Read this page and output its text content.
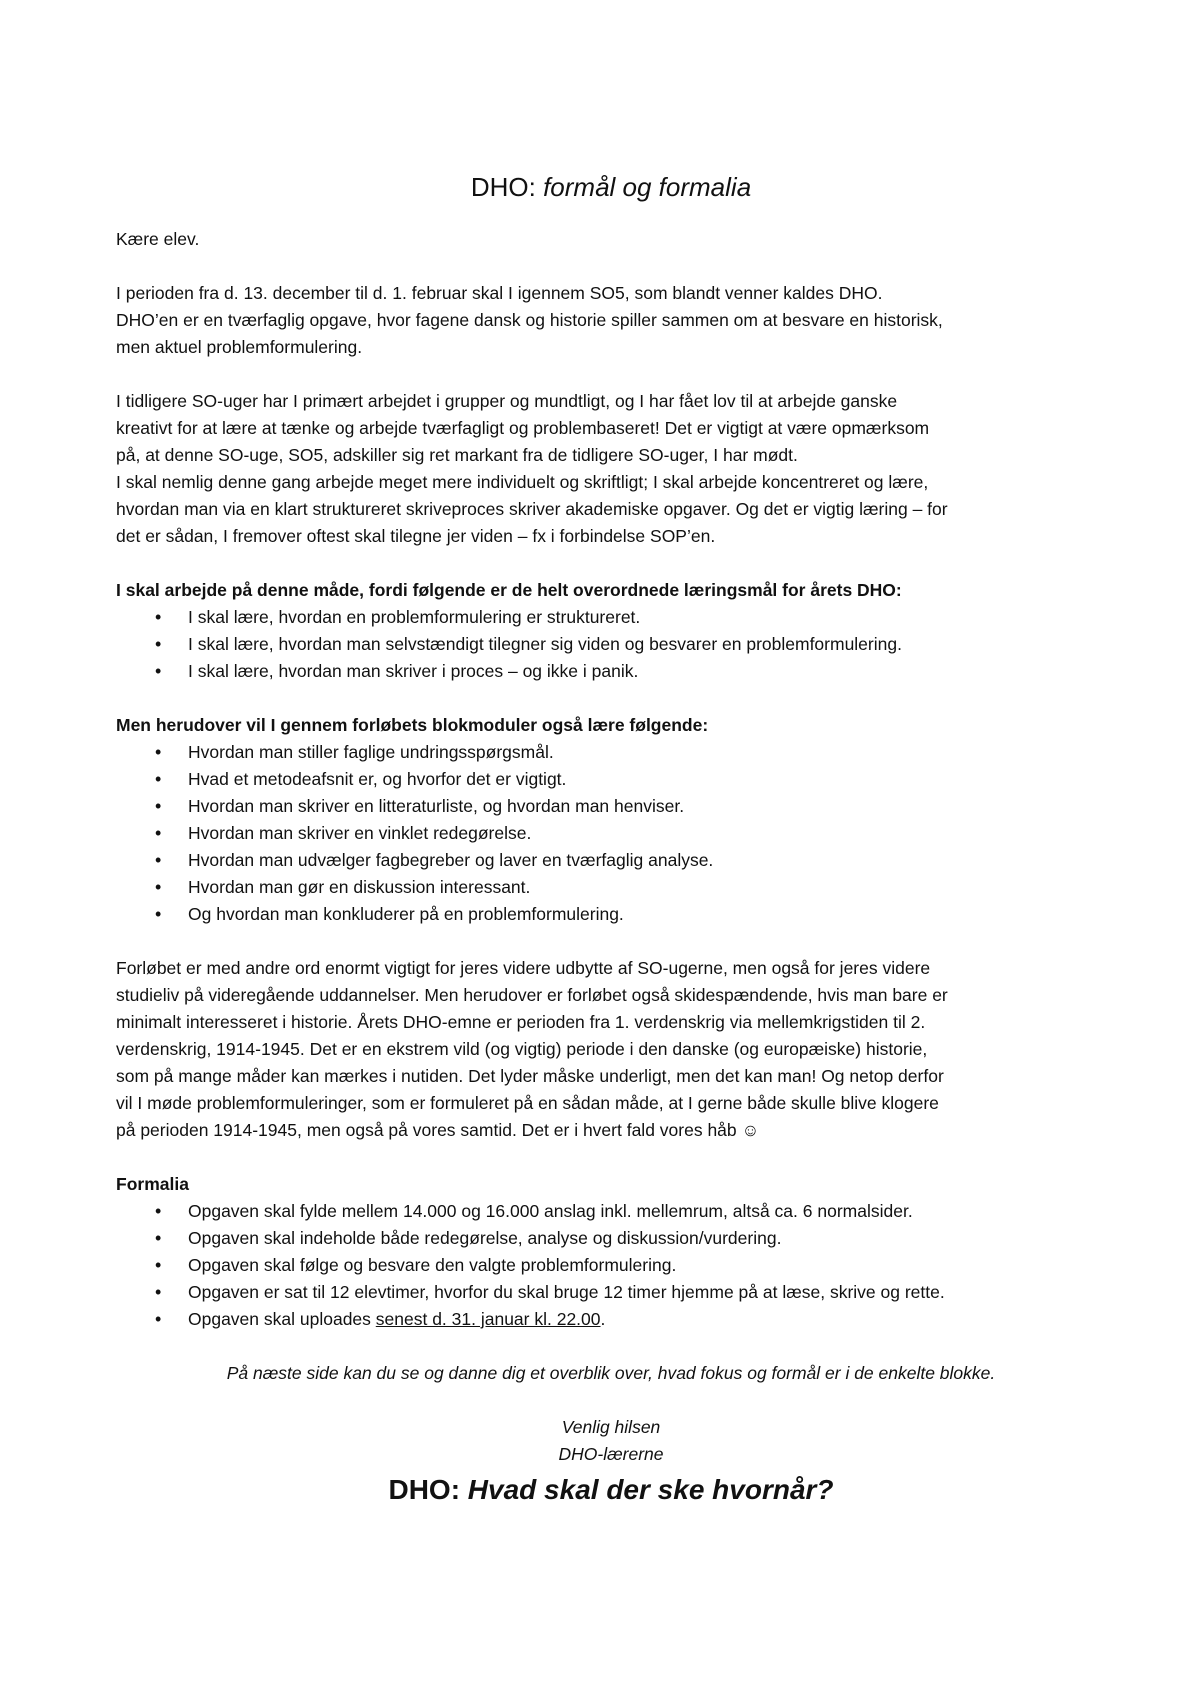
DHO: formål og formalia

Kære elev.

I perioden fra d. 13. december til d. 1. februar skal I igennem SO5, som blandt venner kaldes DHO.

DHO’en er en tværfaglig opgave, hvor fagene dansk og historie spiller sammen om at besvare en historisk,

men aktuel problemformulering.

I tidligere SO-uger har I primært arbejdet i grupper og mundtligt, og I har fået lov til at arbejde ganske

kreativt for at lære at tænke og arbejde tværfagligt og problembaseret! Det er vigtigt at være opmærksom

på, at denne SO-uge, SO5, adskiller sig ret markant fra de tidligere SO-uger, I har mødt.

I skal nemlig denne gang arbejde meget mere individuelt og skriftligt; I skal arbejde koncentreret og lære,

hvordan man via en klart struktureret skriveproces skriver akademiske opgaver. Og det er vigtig læring – for

det er sådan, I fremover oftest skal tilegne jer viden – fx i forbindelse SOP’en.

I skal arbejde på denne måde, fordi følgende er de helt overordnede læringsmål for årets DHO:

• I skal lære, hvordan en problemformulering er struktureret.
• I skal lære, hvordan man selvstændigt tilegner sig viden og besvarer en problemformulering.
• I skal lære, hvordan man skriver i proces – og ikke i panik.

Men herudover vil I gennem forløbets blokmoduler også lære følgende:

• Hvordan man stiller faglige undringsspørgsmål.
• Hvad et metodeafsnit er, og hvorfor det er vigtigt.
• Hvordan man skriver en litteraturliste, og hvordan man henviser.
• Hvordan man skriver en vinklet redegørelse.
• Hvordan man udvælger fagbegreber og laver en tværfaglig analyse.
• Hvordan man gør en diskussion interessant.
• Og hvordan man konkluderer på en problemformulering.

Forløbet er med andre ord enormt vigtigt for jeres videre udbytte af SO-ugerne, men også for jeres videre

studieliv på videregående uddannelser. Men herudover er forløbet også skidespændende, hvis man bare er

minimalt interesseret i historie. Årets DHO-emne er perioden fra 1. verdenskrig via mellemkrigstiden til 2.

verdenskrig, 1914-1945. Det er en ekstrem vild (og vigtig) periode i den danske (og europæiske) historie,

som på mange måder kan mærkes i nutiden. Det lyder måske underligt, men det kan man! Og netop derfor

vil I møde problemformuleringer, som er formuleret på en sådan måde, at I gerne både skulle blive klogere

på perioden 1914-1945, men også på vores samtid. Det er i hvert fald vores håb ☺

Formalia

• Opgaven skal fylde mellem 14.000 og 16.000 anslag inkl. mellemrum, altså ca. 6 normalsider.
• Opgaven skal indeholde både redegørelse, analyse og diskussion/vurdering.
• Opgaven skal følge og besvare den valgte problemformulering.
• Opgaven er sat til 12 elevtimer, hvorfor du skal bruge 12 timer hjemme på at læse, skrive og rette.
• Opgaven skal uploades senest d. 31. januar kl. 22.00.

På næste side kan du se og danne dig et overblik over, hvad fokus og formål er i de enkelte blokke.

Venlig hilsen

DHO-lærerne

DHO: Hvad skal der ske hvornår?
